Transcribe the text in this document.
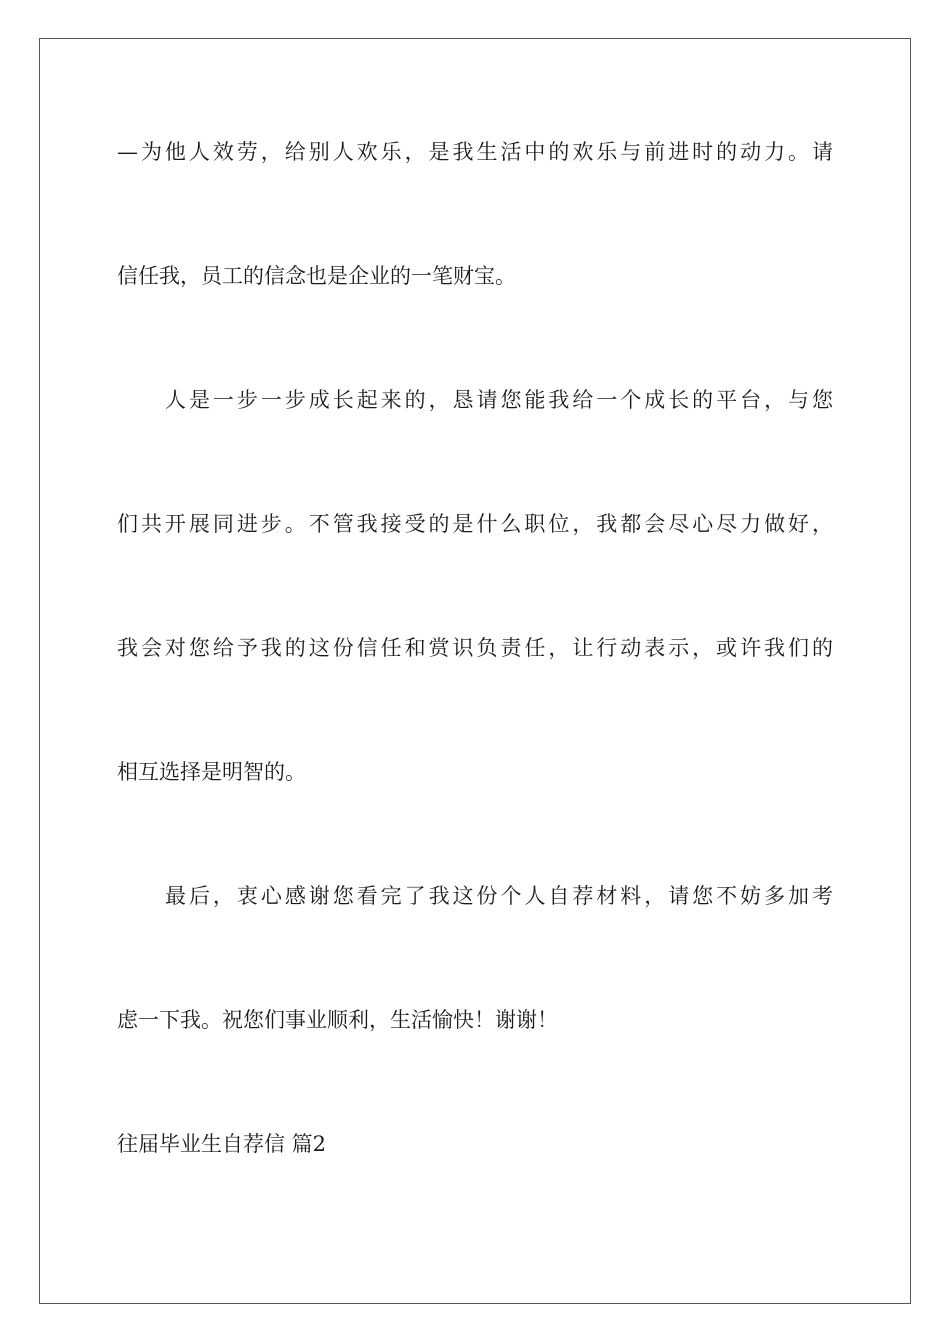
—为他人效劳，给别人欢乐，是我生活中的欢乐与前进时的动力。请

信任我，员工的信念也是企业的一笔财宝。

人是一步一步成长起来的，恳请您能我给一个成长的平台，与您

们共开展同进步。不管我接受的是什么职位，我都会尽心尽力做好，

我会对您给予我的这份信任和赏识负责任，让行动表示，或许我们的

相互选择是明智的。

最后，衷心感谢您看完了我这份个人自荐材料，请您不妨多加考

虑一下我。祝您们事业顺利，生活愉快！谢谢！

往届毕业生自荐信 篇2
